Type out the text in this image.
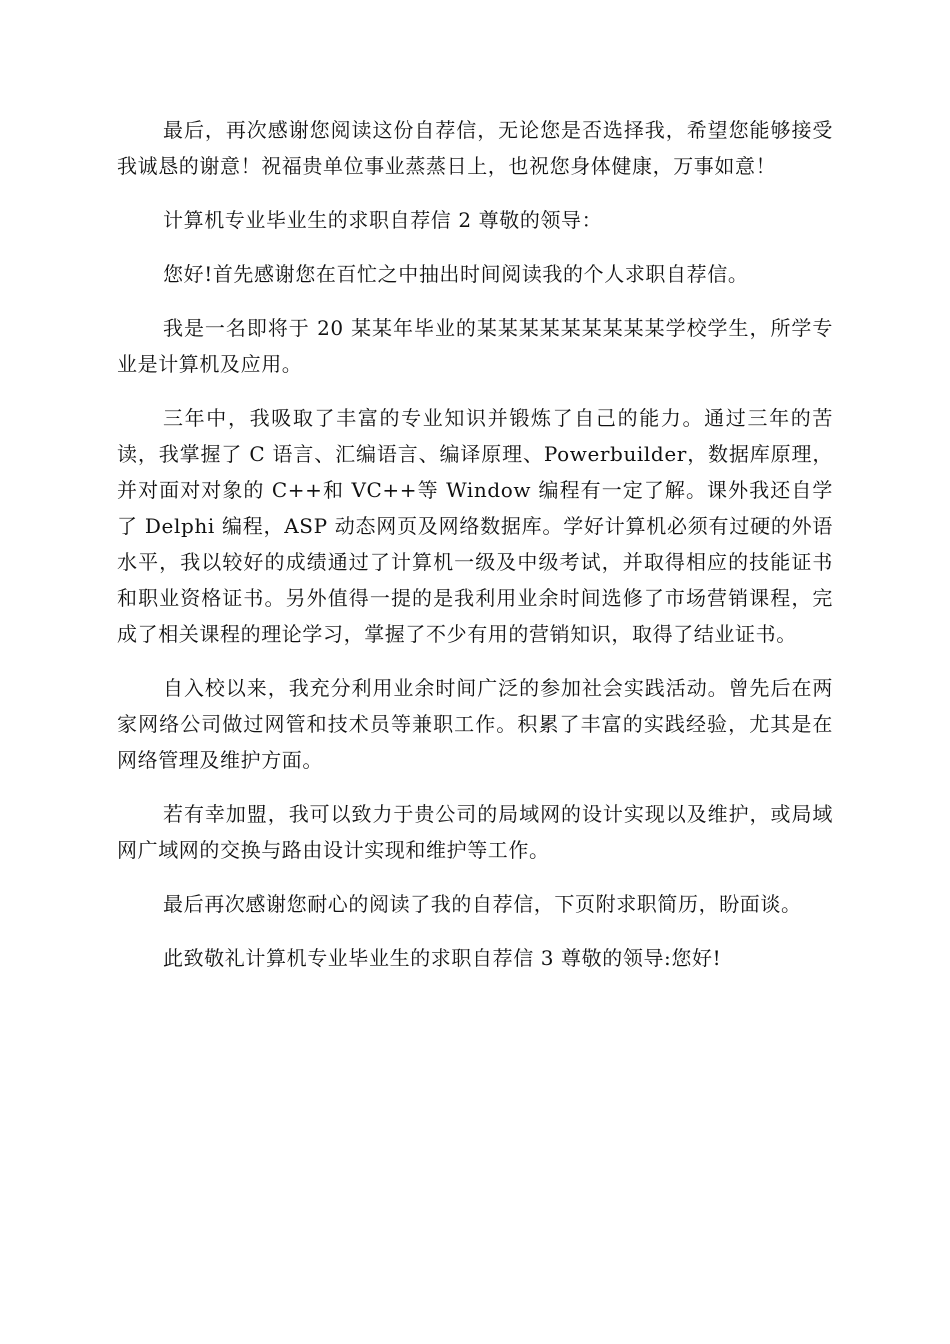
最后，再次感谢您阅读这份自荐信，无论您是否选择我，希望您能够接受我诚恳的谢意！祝福贵单位事业蒸蒸日上，也祝您身体健康，万事如意！

计算机专业毕业生的求职自荐信 2 尊敬的领导：

您好!首先感谢您在百忙之中抽出时间阅读我的个人求职自荐信。

我是一名即将于 20 某某年毕业的某某某某某某某某某学校学生，所学专业是计算机及应用。

三年中，我吸取了丰富的专业知识并锻炼了自己的能力。通过三年的苦读，我掌握了 C 语言、汇编语言、编译原理、Powerbuilder，数据库原理，并对面对对象的 C++和 VC++等 Window 编程有一定了解。课外我还自学了 Delphi 编程，ASP 动态网页及网络数据库。学好计算机必须有过硬的外语水平，我以较好的成绩通过了计算机一级及中级考试，并取得相应的技能证书和职业资格证书。另外值得一提的是我利用业余时间选修了市场营销课程，完成了相关课程的理论学习，掌握了不少有用的营销知识，取得了结业证书。

自入校以来，我充分利用业余时间广泛的参加社会实践活动。曾先后在两家网络公司做过网管和技术员等兼职工作。积累了丰富的实践经验，尤其是在网络管理及维护方面。

若有幸加盟，我可以致力于贵公司的局域网的设计实现以及维护，或局域网广域网的交换与路由设计实现和维护等工作。

最后再次感谢您耐心的阅读了我的自荐信，下页附求职简历，盼面谈。

此致敬礼计算机专业毕业生的求职自荐信 3 尊敬的领导:您好!
